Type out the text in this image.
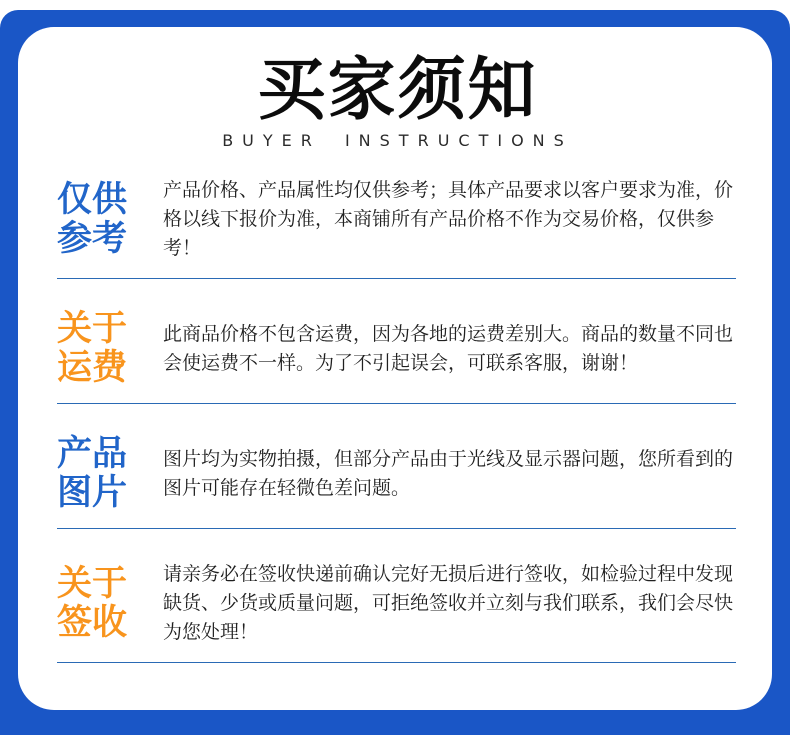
买家须知
BUYER INSTRUCTIONS
仅供
参考

产品价格、产品属性均仅供参考；具体产品要求以客户要求为准，价格以线下报价为准，本商铺所有产品价格不作为交易价格，仅供参考！

关于
运费

此商品价格不包含运费，因为各地的运费差别大。商品的数量不同也会使运费不一样。为了不引起误会，可联系客服，谢谢！

产品
图片

图片均为实物拍摄，但部分产品由于光线及显示器问题，您所看到的图片可能存在轻微色差问题。

关于
签收

请亲务必在签收快递前确认完好无损后进行签收，如检验过程中发现缺货、少货或质量问题，可拒绝签收并立刻与我们联系，我们会尽快为您处理！
